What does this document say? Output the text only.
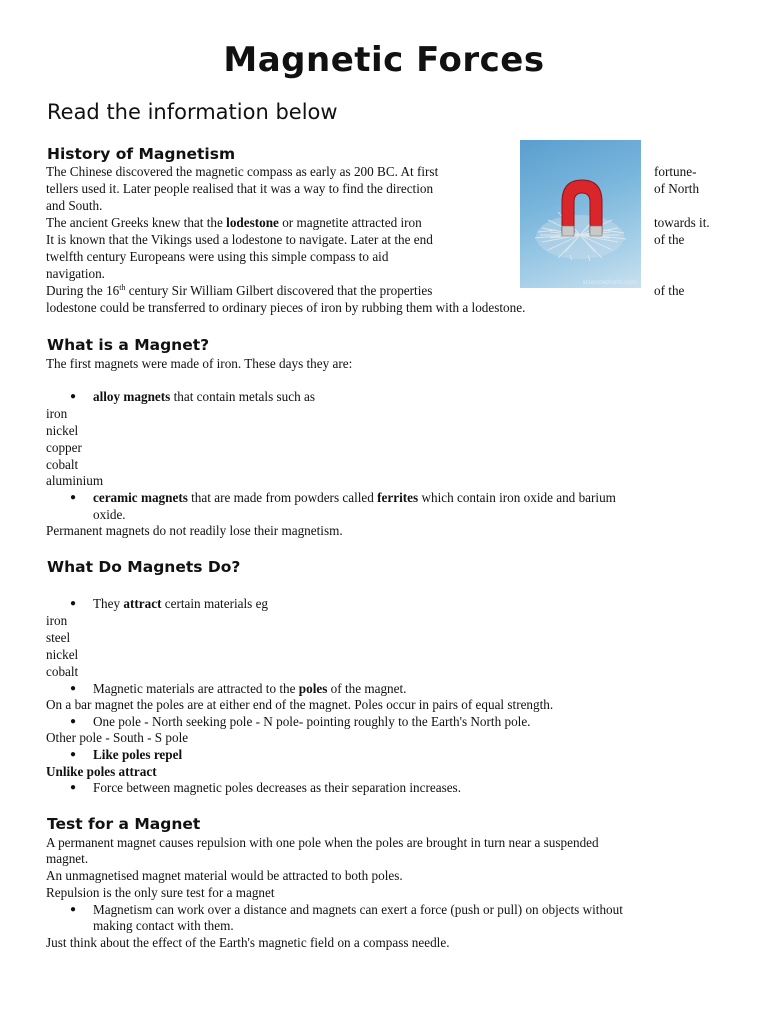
Magnetic Forces

Read the information below

History of Magnetism

The Chinese discovered the magnetic compass as early as 200 BC. At first	fortune-

tellers used it. Later people realised that it was a way to find the direction	of North

and South.

The ancient Greeks knew that the lodestone or magnetite attracted iron	towards it.

It is known that the Vikings used a lodestone to navigate. Later at the end	of the

twelfth century Europeans were using this simple compass to aid

navigation.

During the 16th century Sir William Gilbert discovered that the properties	of the

lodestone could be transferred to ordinary pieces of iron by rubbing them with a lodestone.

sciencephoto.com

What is a Magnet?

The first magnets were made of iron. These days they are:

● alloy magnets that contain metals such as

iron

nickel

copper

cobalt

aluminium

● ceramic magnets that are made from powders called ferrites which contain iron oxide and barium

oxide.

Permanent magnets do not readily lose their magnetism.

What Do Magnets Do?

● They attract certain materials eg

iron

steel

nickel

cobalt

● Magnetic materials are attracted to the poles of the magnet.

On a bar magnet the poles are at either end of the magnet. Poles occur in pairs of equal strength.

● One pole - North seeking pole - N pole- pointing roughly to the Earth's North pole.

Other pole - South - S pole

● Like poles repel

Unlike poles attract

● Force between magnetic poles decreases as their separation increases.

Test for a Magnet

A permanent magnet causes repulsion with one pole when the poles are brought in turn near a suspended

magnet.

An unmagnetised magnet material would be attracted to both poles.

Repulsion is the only sure test for a magnet

● Magnetism can work over a distance and magnets can exert a force (push or pull) on objects without

making contact with them.

Just think about the effect of the Earth's magnetic field on a compass needle.
